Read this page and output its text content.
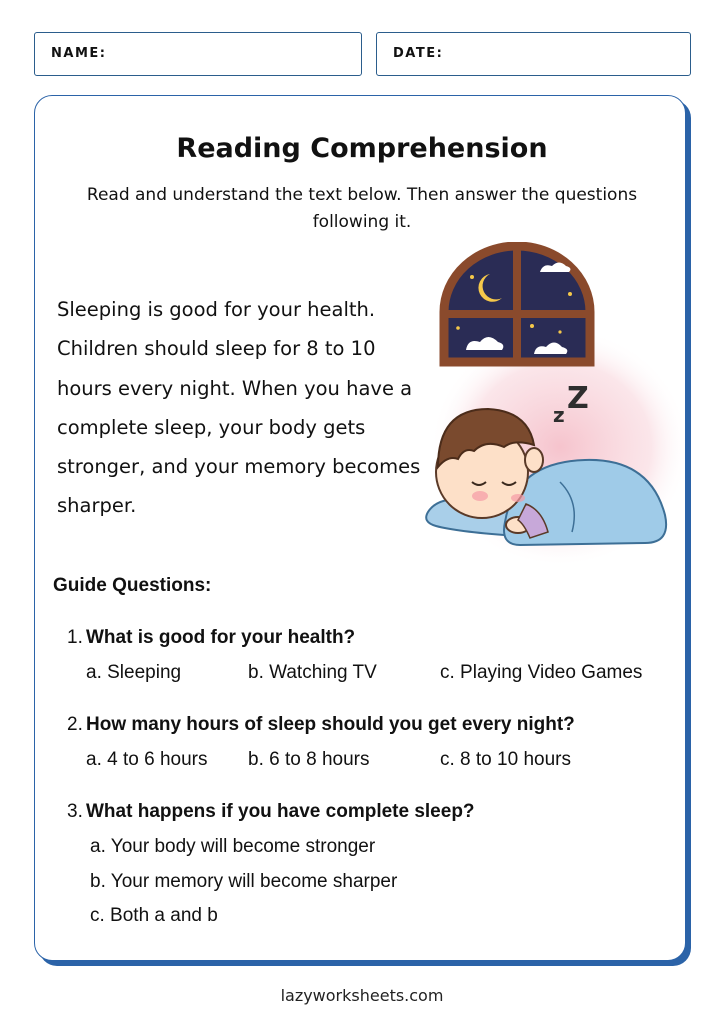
NAME:	DATE:
Reading Comprehension
Read and understand the text below. Then answer the questions following it.
Sleeping is good for your health. Children should sleep for 8 to 10 hours every night. When you have a complete sleep, your body gets stronger, and your memory becomes sharper.
z Z
Guide Questions:
1. What is good for your health?
a. Sleeping	b. Watching TV	c. Playing Video Games
2. How many hours of sleep should you get every night?
a. 4 to 6 hours b. 6 to 8 hours	c. 8 to 10 hours
3. What happens if you have complete sleep?
a. Your body will become stronger
b. Your memory will become sharper
c. Both a and b
lazyworksheets.com
